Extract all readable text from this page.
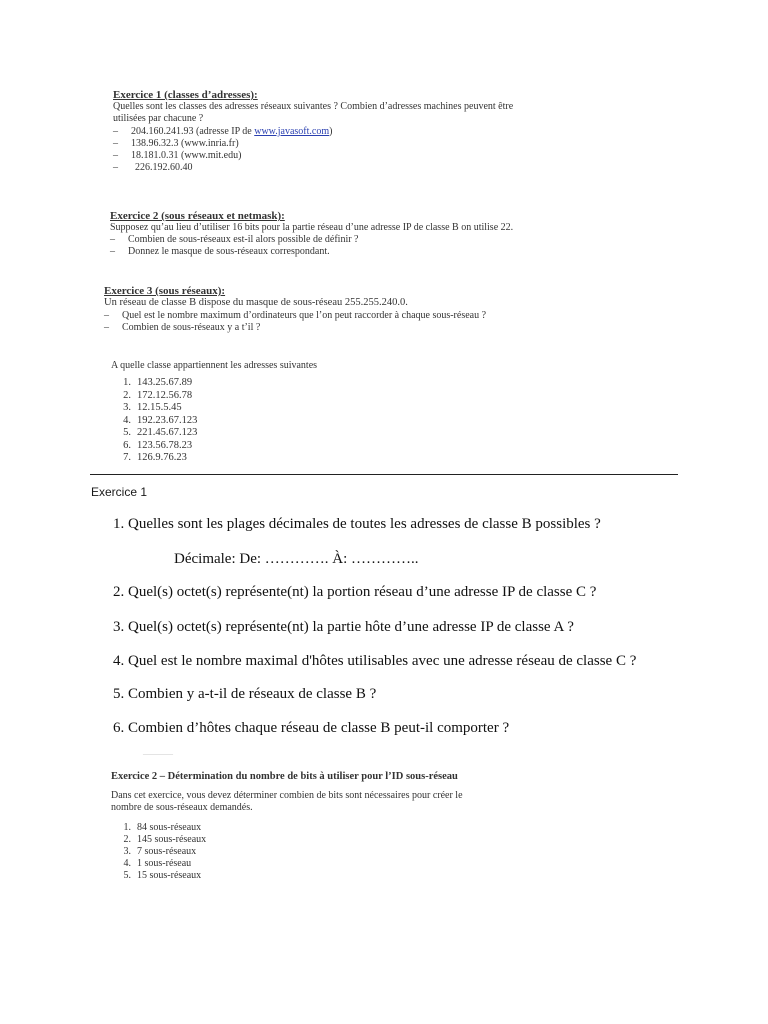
Exercice 1 (classes d’adresses):
Quelles sont les classes des adresses réseaux suivantes ? Combien d’adresses machines peuvent être
utilisées par chacune ?
– 204.160.241.93 (adresse IP de www.javasoft.com)
– 138.96.32.3 (www.inria.fr)
– 18.181.0.31 (www.mit.edu)
– 226.192.60.40
Exercice 2 (sous réseaux et netmask):
Supposez qu’au lieu d’utiliser 16 bits pour la partie réseau d’une adresse IP de classe B on utilise 22.
– Combien de sous-réseaux est-il alors possible de définir ?
– Donnez le masque de sous-réseaux correspondant.
Exercice 3 (sous réseaux):
Un réseau de classe B dispose du masque de sous-réseau 255.255.240.0.
– Quel est le nombre maximum d’ordinateurs que l’on peut raccorder à chaque sous-réseau ?
– Combien de sous-réseaux y a t’il ?
A quelle classe appartiennent les adresses suivantes
1. 143.25.67.89
2. 172.12.56.78
3. 12.15.5.45
4. 192.23.67.123
5. 221.45.67.123
6. 123.56.78.23
7. 126.9.76.23
Exercice 1
1. Quelles sont les plages décimales de toutes les adresses de classe B possibles ?
Décimale: De: …………. À: …………..
2. Quel(s) octet(s) représente(nt) la portion réseau d’une adresse IP de classe C ?
3. Quel(s) octet(s) représente(nt) la partie hôte d’une adresse IP de classe A ?
4. Quel est le nombre maximal d'hôtes utilisables avec une adresse réseau de classe C ?
5. Combien y a-t-il de réseaux de classe B ?
6. Combien d’hôtes chaque réseau de classe B peut-il comporter ?
______
Exercice 2 – Détermination du nombre de bits à utiliser pour l’ID sous-réseau
Dans cet exercice, vous devez déterminer combien de bits sont nécessaires pour créer le
nombre de sous-réseaux demandés.
1. 84 sous-réseaux
2. 145 sous-réseaux
3. 7 sous-réseaux
4. 1 sous-réseau
5. 15 sous-réseaux
